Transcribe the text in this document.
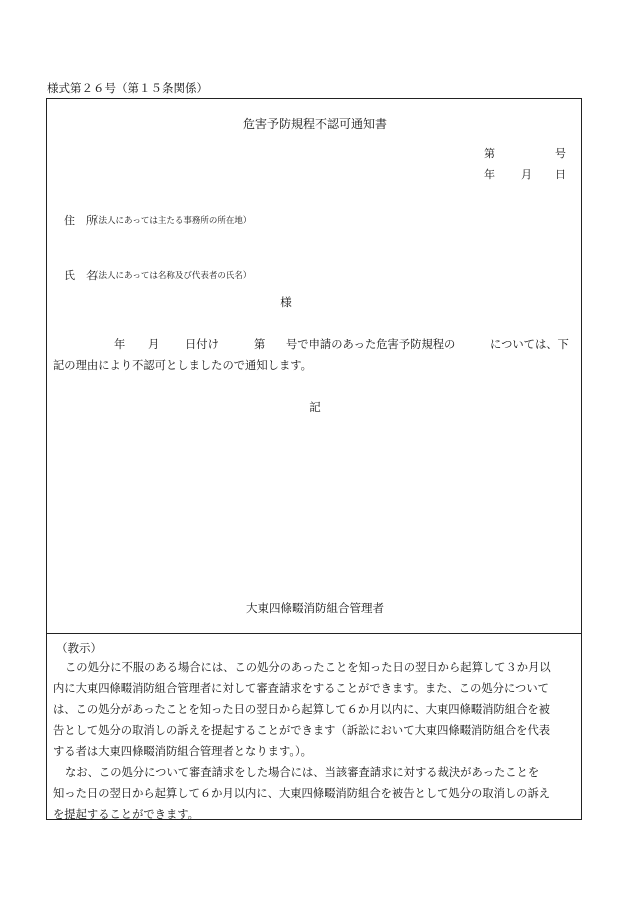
様式第２６号（第１５条関係）
危害予防規程不認可通知書
第	号
年 月 日
住　所
（法人にあっては主たる事務所の所在地）
氏　名
（法人にあっては名称及び代表者の氏名）
様
年 月 日付け	第 号で申請のあった危害予防規程の	については、下
記の理由により不認可としましたので通知します。
記
大東四條畷消防組合管理者
（教示）
この処分に不服のある場合には、この処分のあったことを知った日の翌日から起算して３か月以
内に大東四條畷消防組合管理者に対して審査請求をすることができます。また、この処分について
は、この処分があったことを知った日の翌日から起算して６か月以内に、大東四條畷消防組合を被
告として処分の取消しの訴えを提起することができます（訴訟において大東四條畷消防組合を代表
する者は大東四條畷消防組合管理者となります。）。
なお、この処分について審査請求をした場合には、当該審査請求に対する裁決があったことを
知った日の翌日から起算して６か月以内に、大東四條畷消防組合を被告として処分の取消しの訴え
を提起することができます。
